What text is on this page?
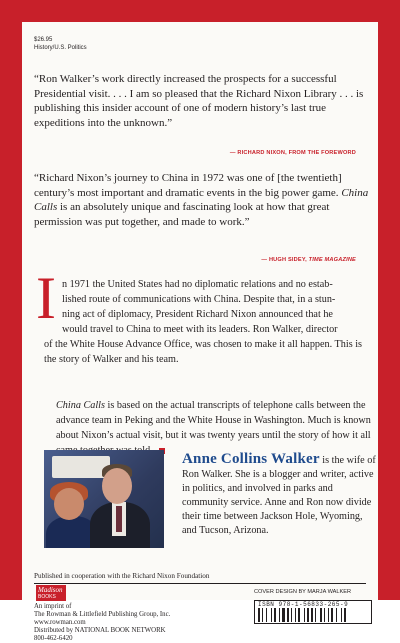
$26.95
History/U.S. Politics
“Ron Walker’s work directly increased the prospects for a successful Presidential visit. . . . I am so pleased that the Richard Nixon Library . . . is publishing this insider account of one of modern history’s last true expeditions into the unknown.”
— RICHARD NIXON, FROM THE FOREWORD
“Richard Nixon’s journey to China in 1972 was one of [the twentieth] century’s most important and dramatic events in the big power game. China Calls is an absolutely unique and fascinating look at how that great permission was put together, and made to work.”
— HUGH SIDEY, TIME MAGAZINE
I n 1971 the United States had no diplomatic relations and no estab-
lished route of communications with China. Despite that, in a stun-
ning act of diplomacy, President Richard Nixon announced that he
would travel to China to meet with its leaders. Ron Walker, director
of the White House Advance Office, was chosen to make it all happen. This is the story of Walker and his team.
China Calls is based on the actual transcripts of telephone calls between the advance team in Peking and the White House in Washington. Much is known about Nixon’s actual visit, but it was twenty years until the story of how it all
Anne Collins Walker is the wife of Ron Walker. She is a blogger and writer, active in politics, and involved in parks and community service. Anne and Ron now divide their time between Jackson Hole, Wyoming, and Tucson, Arizona.
Published in cooperation with the Richard Nixon Foundation
Madison
BOOKS
An imprint of
The Rowman & Littlefield Publishing Group, Inc.
www.rowman.com
Distributed by NATIONAL BOOK NETWORK
800-462-6420
COVER DESIGN BY MARJA WALKER
ISBN 978-1-56833-265-9
